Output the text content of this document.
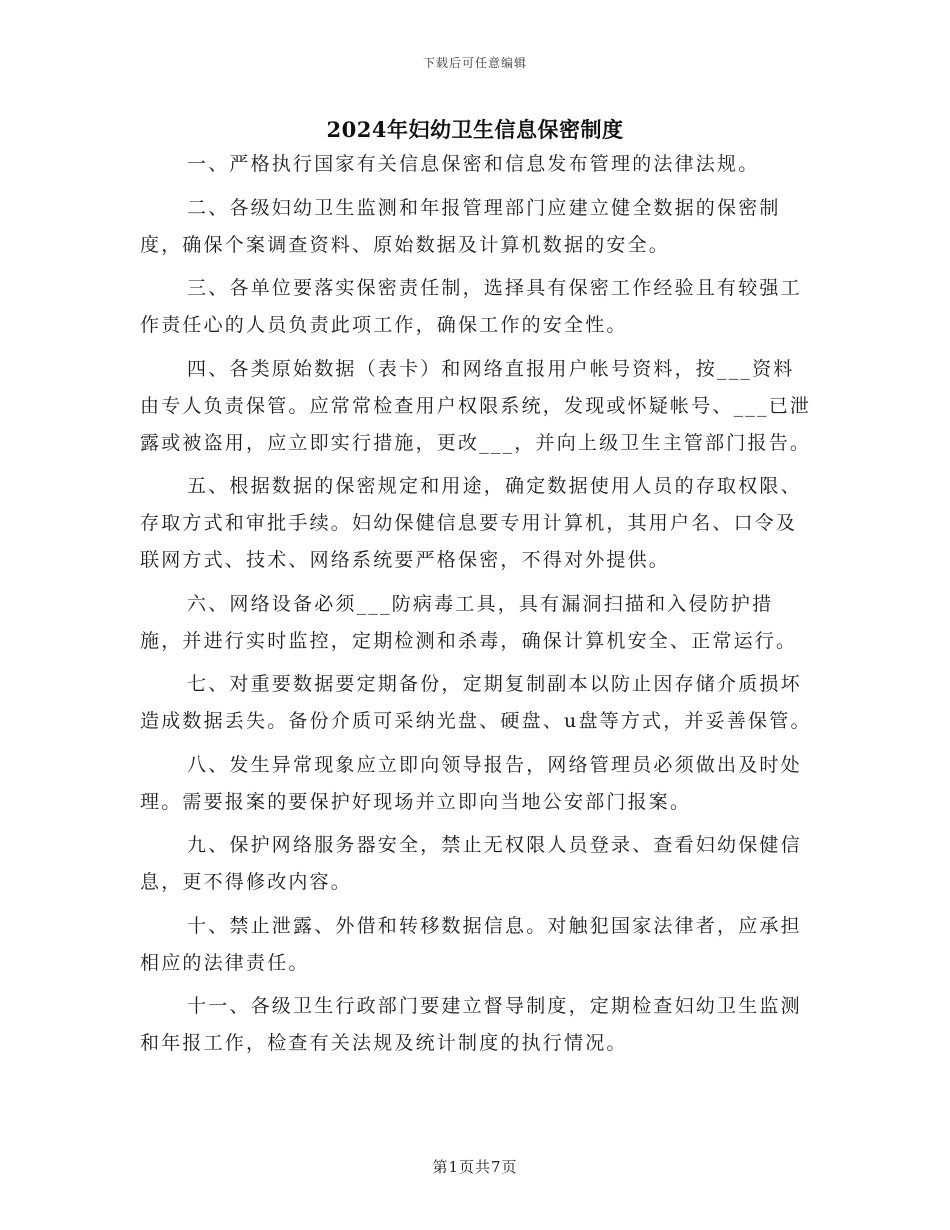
下载后可任意编辑
2024年妇幼卫生信息保密制度

一、严格执行国家有关信息保密和信息发布管理的法律法规。

二、各级妇幼卫生监测和年报管理部门应建立健全数据的保密制度，确保个案调查资料、原始数据及计算机数据的安全。

三、各单位要落实保密责任制，选择具有保密工作经验且有较强工作责任心的人员负责此项工作，确保工作的安全性。

四、各类原始数据（表卡）和网络直报用户帐号资料，按___资料由专人负责保管。应常常检查用户权限系统，发现或怀疑帐号、___已泄露或被盗用，应立即实行措施，更改___，并向上级卫生主管部门报告。

五、根据数据的保密规定和用途，确定数据使用人员的存取权限、存取方式和审批手续。妇幼保健信息要专用计算机，其用户名、口令及联网方式、技术、网络系统要严格保密，不得对外提供。

六、网络设备必须___防病毒工具，具有漏洞扫描和入侵防护措施，并进行实时监控，定期检测和杀毒，确保计算机安全、正常运行。

七、对重要数据要定期备份，定期复制副本以防止因存储介质损坏造成数据丢失。备份介质可采纳光盘、硬盘、u盘等方式，并妥善保管。

八、发生异常现象应立即向领导报告，网络管理员必须做出及时处理。需要报案的要保护好现场并立即向当地公安部门报案。

九、保护网络服务器安全，禁止无权限人员登录、查看妇幼保健信息，更不得修改内容。

十、禁止泄露、外借和转移数据信息。对触犯国家法律者，应承担相应的法律责任。

十一、各级卫生行政部门要建立督导制度，定期检查妇幼卫生监测和年报工作，检查有关法规及统计制度的执行情况。

第1页共7页
